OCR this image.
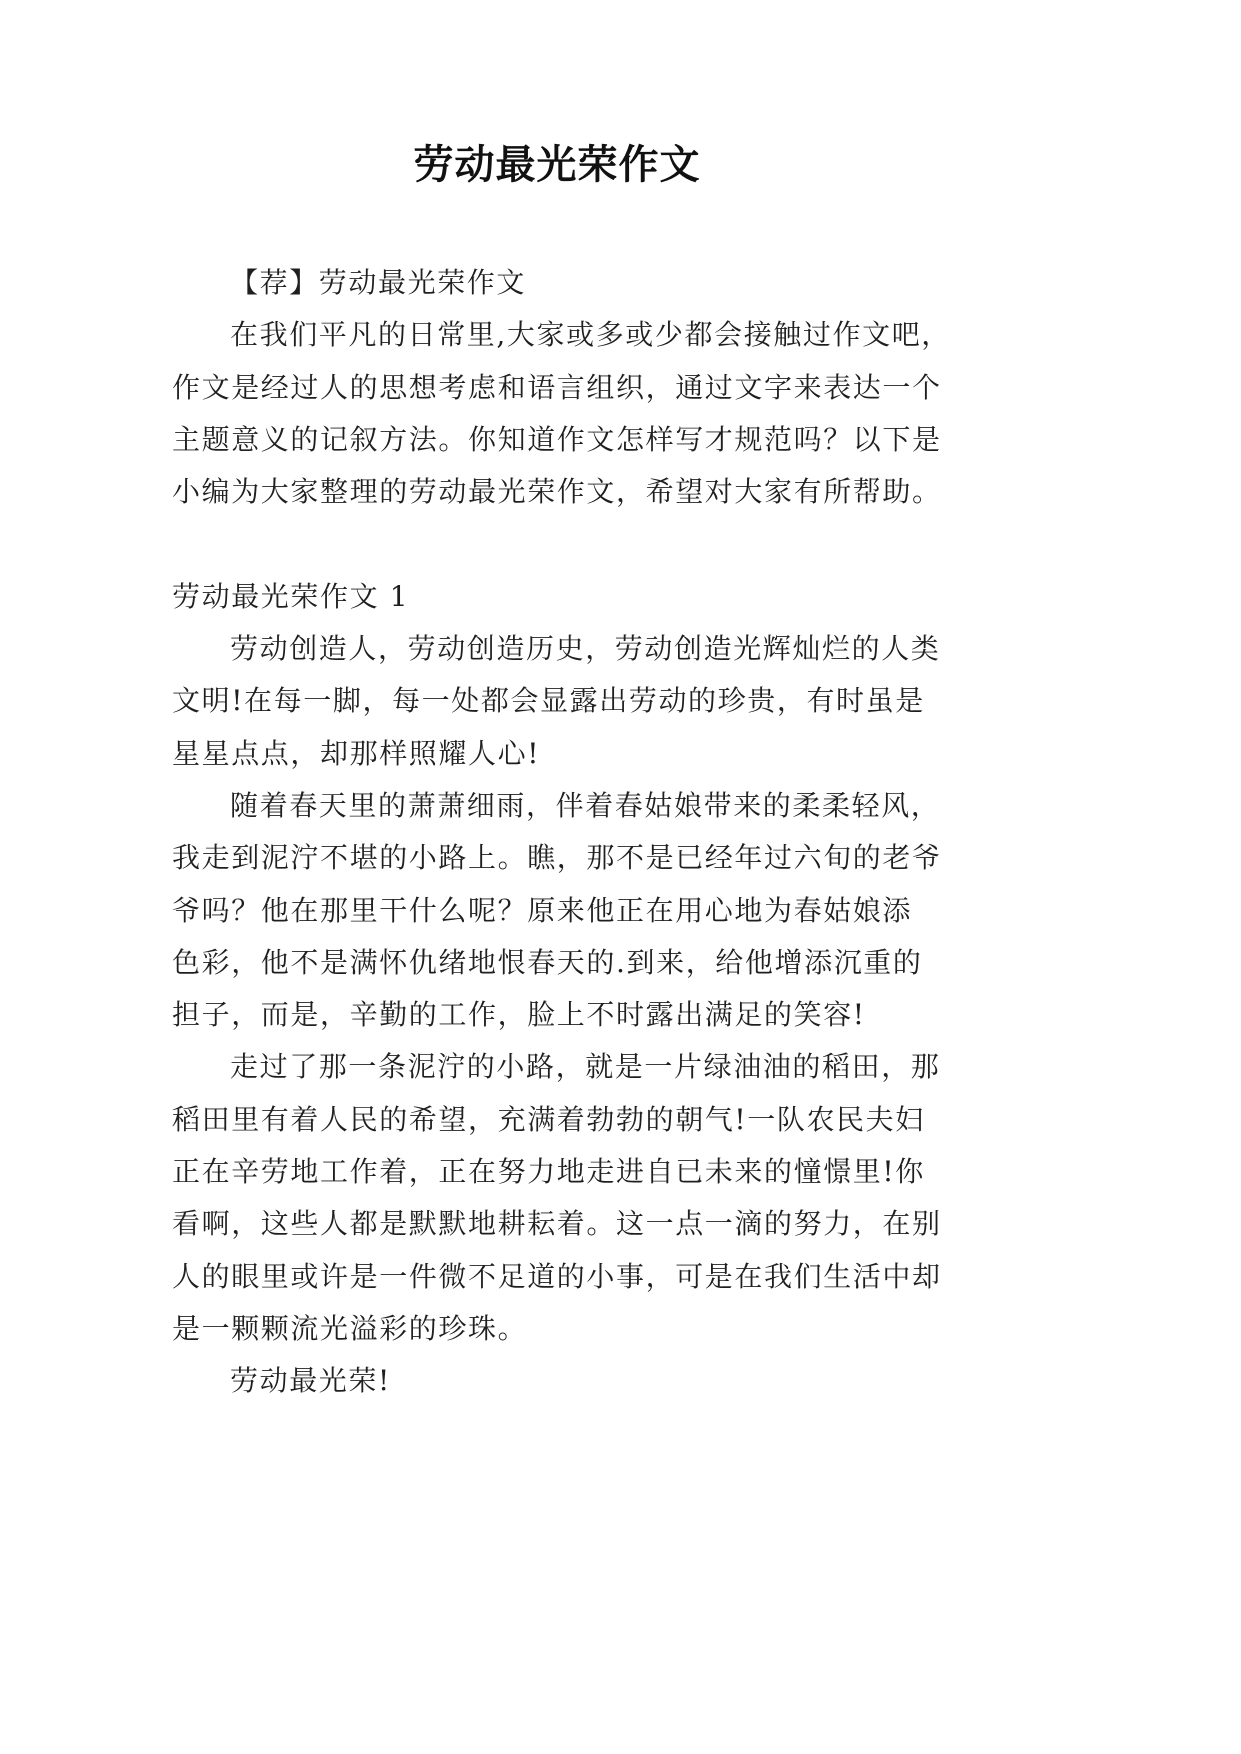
劳动最光荣作文
【荐】劳动最光荣作文
在我们平凡的日常里,大家或多或少都会接触过作文吧，
作文是经过人的思想考虑和语言组织，通过文字来表达一个
主题意义的记叙方法。你知道作文怎样写才规范吗？以下是
小编为大家整理的劳动最光荣作文，希望对大家有所帮助。
劳动最光荣作文 1
劳动创造人，劳动创造历史，劳动创造光辉灿烂的人类
文明!在每一脚，每一处都会显露出劳动的珍贵，有时虽是
星星点点，却那样照耀人心!
随着春天里的萧萧细雨，伴着春姑娘带来的柔柔轻风，
我走到泥泞不堪的小路上。瞧，那不是已经年过六旬的老爷
爷吗？他在那里干什么呢？原来他正在用心地为春姑娘添
色彩，他不是满怀仇绪地恨春天的.到来，给他增添沉重的
担子，而是，辛勤的工作，脸上不时露出满足的笑容!
走过了那一条泥泞的小路，就是一片绿油油的稻田，那
稻田里有着人民的希望，充满着勃勃的朝气!一队农民夫妇
正在辛劳地工作着，正在努力地走进自已未来的憧憬里!你
看啊，这些人都是默默地耕耘着。这一点一滴的努力，在别
人的眼里或许是一件微不足道的小事，可是在我们生活中却
是一颗颗流光溢彩的珍珠。
劳动最光荣!
